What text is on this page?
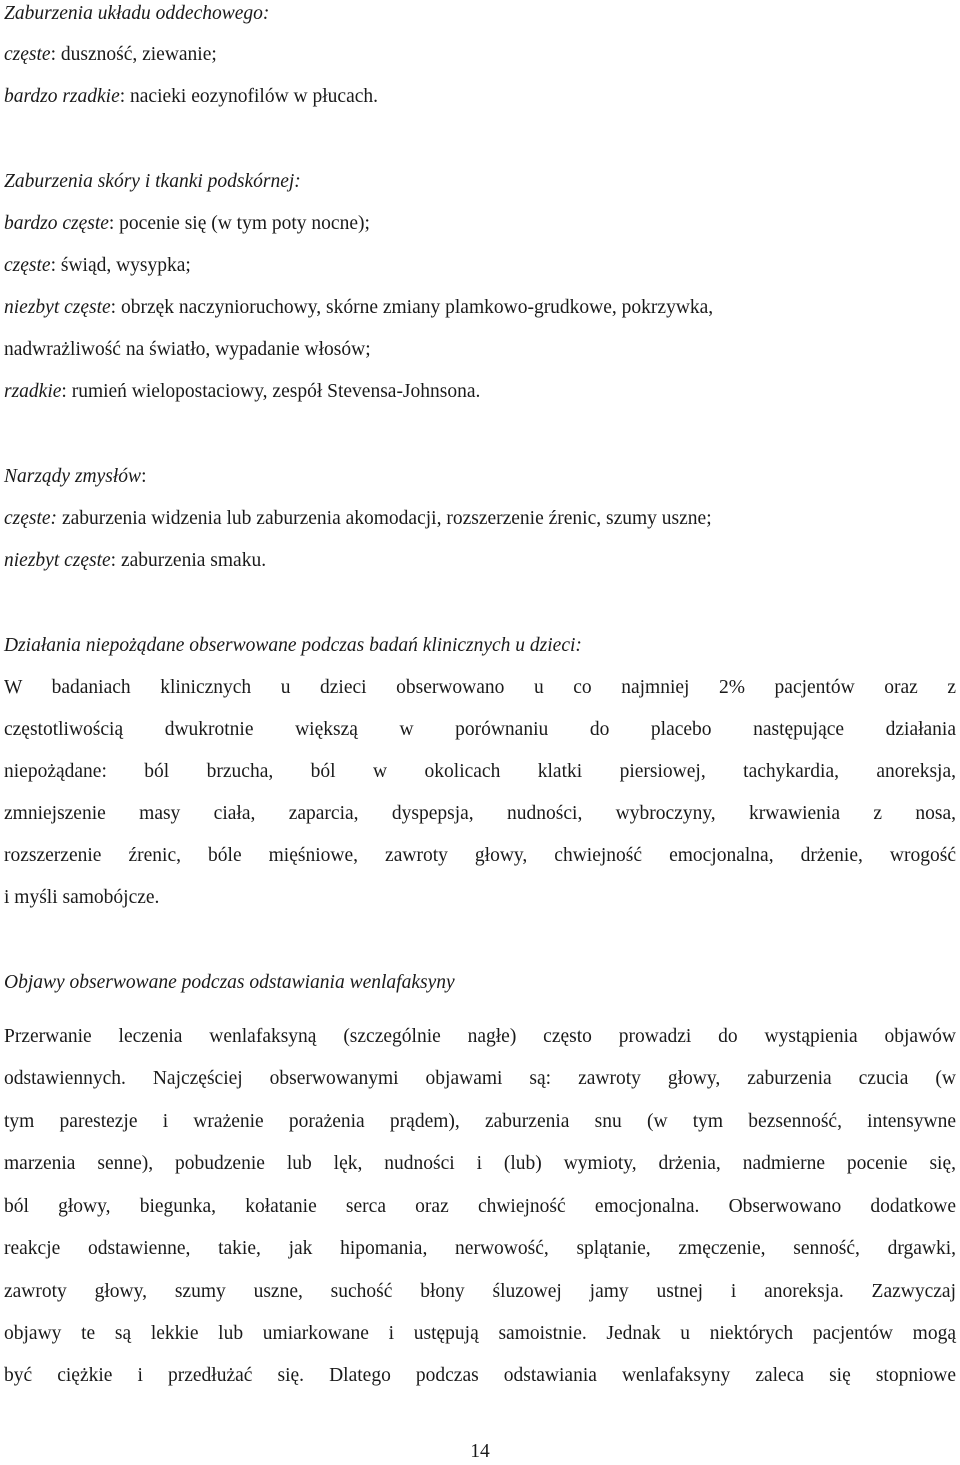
Zaburzenia układu oddechowego:
częste: duszność, ziewanie;
bardzo rzadkie: nacieki eozynofilów w płucach.
Zaburzenia skóry i tkanki podskórnej:
bardzo częste: pocenie się (w tym poty nocne);
częste: świąd, wysypka;
niezbyt częste: obrzęk naczynioruchowy, skórne zmiany plamkowo-grudkowe, pokrzywka,
nadwrażliwość na światło, wypadanie włosów;
rzadkie: rumień wielopostaciowy, zespół Stevensa-Johnsona.
Narządy zmysłów:
częste: zaburzenia widzenia lub zaburzenia akomodacji, rozszerzenie źrenic, szumy uszne;
niezbyt częste: zaburzenia smaku.
Działania niepożądane obserwowane podczas badań klinicznych u dzieci:
W badaniach klinicznych u dzieci obserwowano u co najmniej 2% pacjentów oraz z
częstotliwością dwukrotnie większą w porównaniu do placebo następujące działania
niepożądane: ból brzucha, ból w okolicach klatki piersiowej, tachykardia, anoreksja,
zmniejszenie masy ciała, zaparcia, dyspepsja, nudności, wybroczyny, krwawienia z nosa,
rozszerzenie źrenic, bóle mięśniowe, zawroty głowy, chwiejność emocjonalna, drżenie, wrogość
i myśli samobójcze.
Objawy obserwowane podczas odstawiania wenlafaksyny
Przerwanie leczenia wenlafaksyną (szczególnie nagłe) często prowadzi do wystąpienia objawów
odstawiennych. Najczęściej obserwowanymi objawami są: zawroty głowy, zaburzenia czucia (w
tym parestezje i wrażenie porażenia prądem), zaburzenia snu (w tym bezsenność, intensywne
marzenia senne), pobudzenie lub lęk, nudności i (lub) wymioty, drżenia, nadmierne pocenie się,
ból głowy, biegunka, kołatanie serca oraz chwiejność emocjonalna. Obserwowano dodatkowe
reakcje odstawienne, takie, jak hipomania, nerwowość, splątanie, zmęczenie, senność, drgawki,
zawroty głowy, szumy uszne, suchość błony śluzowej jamy ustnej i anoreksja. Zazwyczaj
objawy te są lekkie lub umiarkowane i ustępują samoistnie. Jednak u niektórych pacjentów mogą
być ciężkie i przedłużać się. Dlatego podczas odstawiania wenlafaksyny zaleca się stopniowe
14
